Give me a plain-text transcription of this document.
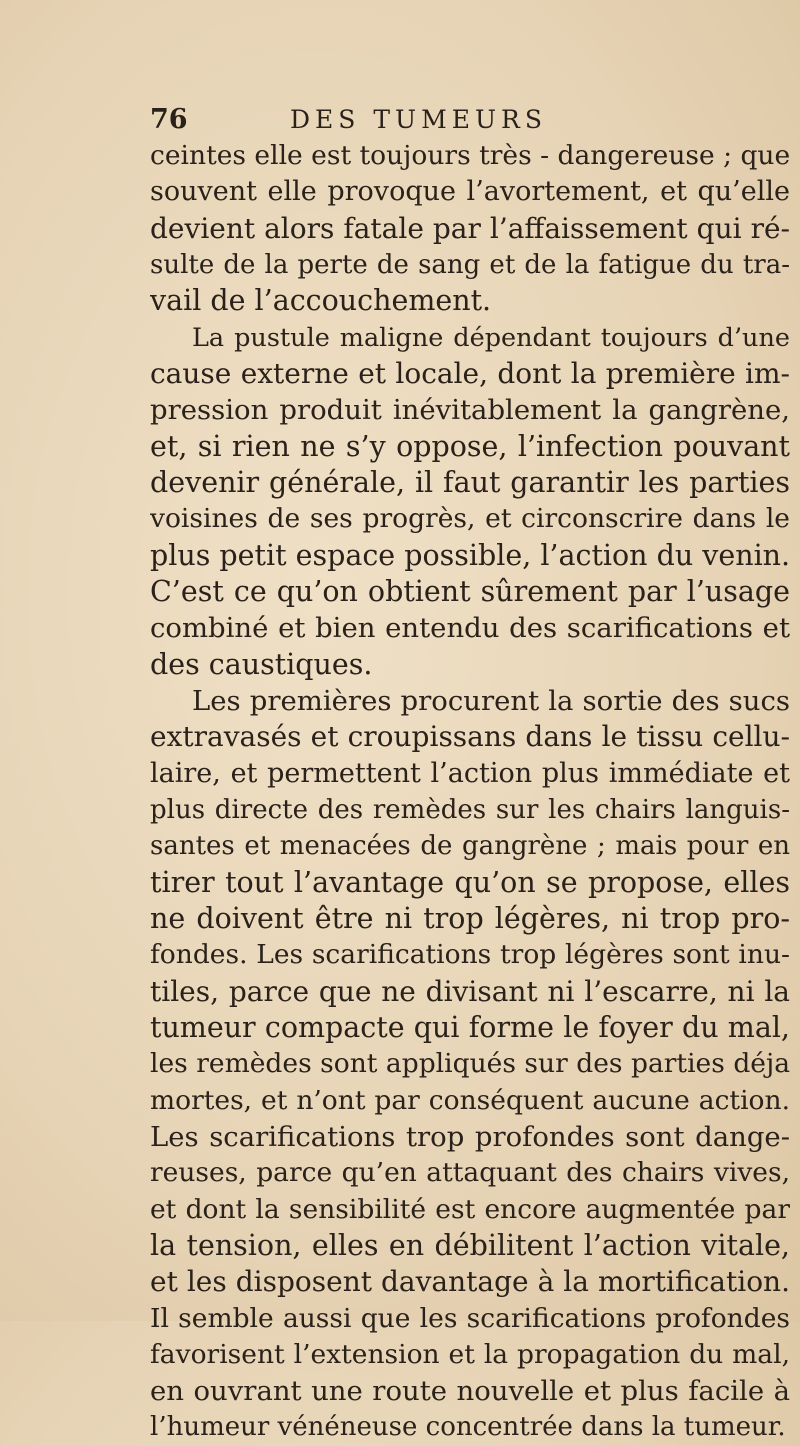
76	DES TUMEURS
ceintes elle est toujours très - dangereuse ; que
souvent elle provoque l’avortement, et qu’elle
devient alors fatale par l’affaissement qui ré-
sulte de la perte de sang et de la fatigue du tra-
vail de l’accouchement.
La pustule maligne dépendant toujours d’une
cause externe et locale, dont la première im-
pression produit inévitablement la gangrène,
et, si rien ne s’y oppose, l’infection pouvant
devenir générale, il faut garantir les parties
voisines de ses progrès, et circonscrire dans le
plus petit espace possible, l’action du venin.
C’est ce qu’on obtient sûrement par l’usage
combiné et bien entendu des scarifications et
des caustiques.
Les premières procurent la sortie des sucs
extravasés et croupissans dans le tissu cellu-
laire, et permettent l’action plus immédiate et
plus directe des remèdes sur les chairs languis-
santes et menacées de gangrène ; mais pour en
tirer tout l’avantage qu’on se propose, elles
ne doivent être ni trop légères, ni trop pro-
fondes. Les scarifications trop légères sont inu-
tiles, parce que ne divisant ni l’escarre, ni la
tumeur compacte qui forme le foyer du mal,
les remèdes sont appliqués sur des parties déja
mortes, et n’ont par conséquent aucune action.
Les scarifications trop profondes sont dange-
reuses, parce qu’en attaquant des chairs vives,
et dont la sensibilité est encore augmentée par
la tension, elles en débilitent l’action vitale,
et les disposent davantage à la mortification.
Il semble aussi que les scarifications profondes
favorisent l’extension et la propagation du mal,
en ouvrant une route nouvelle et plus facile à
l’humeur vénéneuse concentrée dans la tumeur.
